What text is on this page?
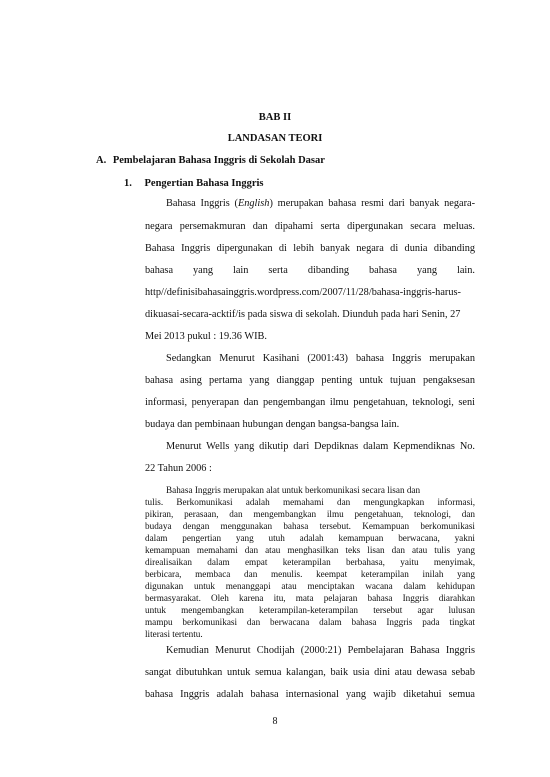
BAB II
LANDASAN TEORI
A. Pembelajaran Bahasa Inggris di Sekolah Dasar
1. Pengertian Bahasa Inggris
Bahasa Inggris (English) merupakan bahasa resmi dari banyak negara-
negara persemakmuran dan dipahami serta dipergunakan secara meluas.
Bahasa Inggris dipergunakan di lebih banyak negara di dunia dibanding
bahasa yang lain serta dibanding bahasa yang lain.
http//definisibahasainggris.wordpress.com/2007/11/28/bahasa-inggris-harus-
dikuasai-secara-acktif/is pada siswa di sekolah. Diunduh pada hari Senin, 27
Mei 2013 pukul : 19.36 WIB.
Sedangkan Menurut Kasihani (2001:43) bahasa Inggris merupakan
bahasa asing pertama yang dianggap penting untuk tujuan pengaksesan
informasi, penyerapan dan pengembangan ilmu pengetahuan, teknologi, seni
budaya dan pembinaan hubungan dengan bangsa-bangsa lain.
Menurut Wells yang dikutip dari Depdiknas dalam Kepmendiknas No.
22 Tahun 2006 :
Bahasa Inggris merupakan alat untuk berkomunikasi secara lisan dan
tulis. Berkomunikasi adalah memahami dan mengungkapkan informasi,
pikiran, perasaan, dan mengembangkan ilmu pengetahuan, teknologi, dan
budaya dengan menggunakan bahasa tersebut. Kemampuan berkomunikasi
dalam pengertian yang utuh adalah kemampuan berwacana, yakni
kemampuan memahami dan atau menghasilkan teks lisan dan atau tulis yang
direalisaikan dalam empat keterampilan berbahasa, yaitu menyimak,
berbicara, membaca dan menulis. keempat keterampilan inilah yang
digunakan untuk menanggapi atau menciptakan wacana dalam kehidupan
bermasyarakat. Oleh karena itu, mata pelajaran bahasa Inggris diarahkan
untuk mengembangkan keterampilan-keterampilan tersebut agar lulusan
mampu berkomunikasi dan berwacana dalam bahasa Inggris pada tingkat
literasi tertentu.
Kemudian Menurut Chodijah (2000:21) Pembelajaran Bahasa Inggris
sangat dibutuhkan untuk semua kalangan, baik usia dini atau dewasa sebab
bahasa Inggris adalah bahasa internasional yang wajib diketahui semua
8
